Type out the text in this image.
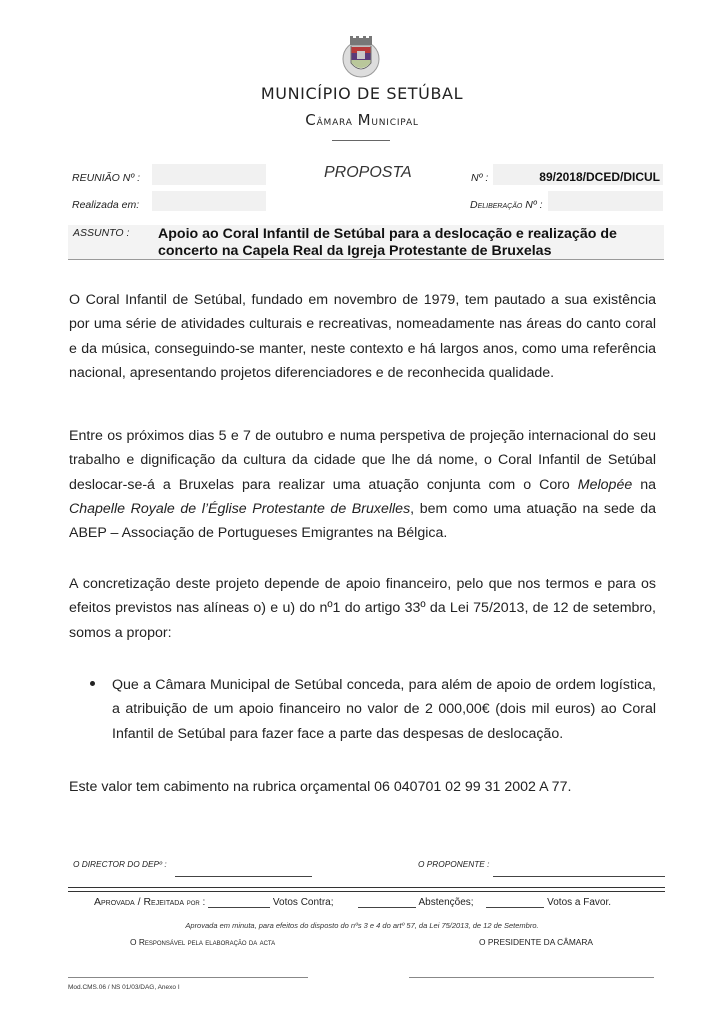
MUNICÍPIO DE SETÚBAL
Câmara Municipal
REUNIÃO Nº :
Realizada em:
PROPOSTA	Nº :	89/2018/DCED/DICUL
Deliberação Nº :
ASSUNTO : Apoio ao Coral Infantil de Setúbal para a deslocação e realização de concerto na Capela Real da Igreja Protestante de Bruxelas
O Coral Infantil de Setúbal, fundado em novembro de 1979, tem pautado a sua existência por uma série de atividades culturais e recreativas, nomeadamente nas áreas do canto coral e da música, conseguindo-se manter, neste contexto e há largos anos, como uma referência nacional, apresentando projetos diferenciadores e de reconhecida qualidade.
Entre os próximos dias 5 e 7 de outubro e numa perspetiva de projeção internacional do seu trabalho e dignificação da cultura da cidade que lhe dá nome, o Coral Infantil de Setúbal deslocar-se-á a Bruxelas para realizar uma atuação conjunta com o Coro Melopée na Chapelle Royale de l’Église Protestante de Bruxelles, bem como uma atuação na sede da ABEP – Associação de Portugueses Emigrantes na Bélgica.
A concretização deste projeto depende de apoio financeiro, pelo que nos termos e para os efeitos previstos nas alíneas o) e u) do nº1 do artigo 33º da Lei 75/2013, de 12 de setembro, somos a propor:
Que a Câmara Municipal de Setúbal conceda, para além de apoio de ordem logística, a atribuição de um apoio financeiro no valor de 2 000,00€ (dois mil euros) ao Coral Infantil de Setúbal para fazer face a parte das despesas de deslocação.
Este valor tem cabimento na rubrica orçamental 06 040701 02 99 31 2002 A 77.
O DIRECTOR DO DEPº :	O PROPONENTE :
Aprovada / Rejeitada por :	Votos Contra;	Abstenções;	Votos a Favor.
Aprovada em minuta, para efeitos do disposto do nºs 3 e 4 do artº 57, da Lei 75/2013, de 12 de Setembro.
O Responsável pela elaboração da acta	O PRESIDENTE DA CÂMARA
Mod.CMS.06 / NS 01/03/DAG, Anexo I
